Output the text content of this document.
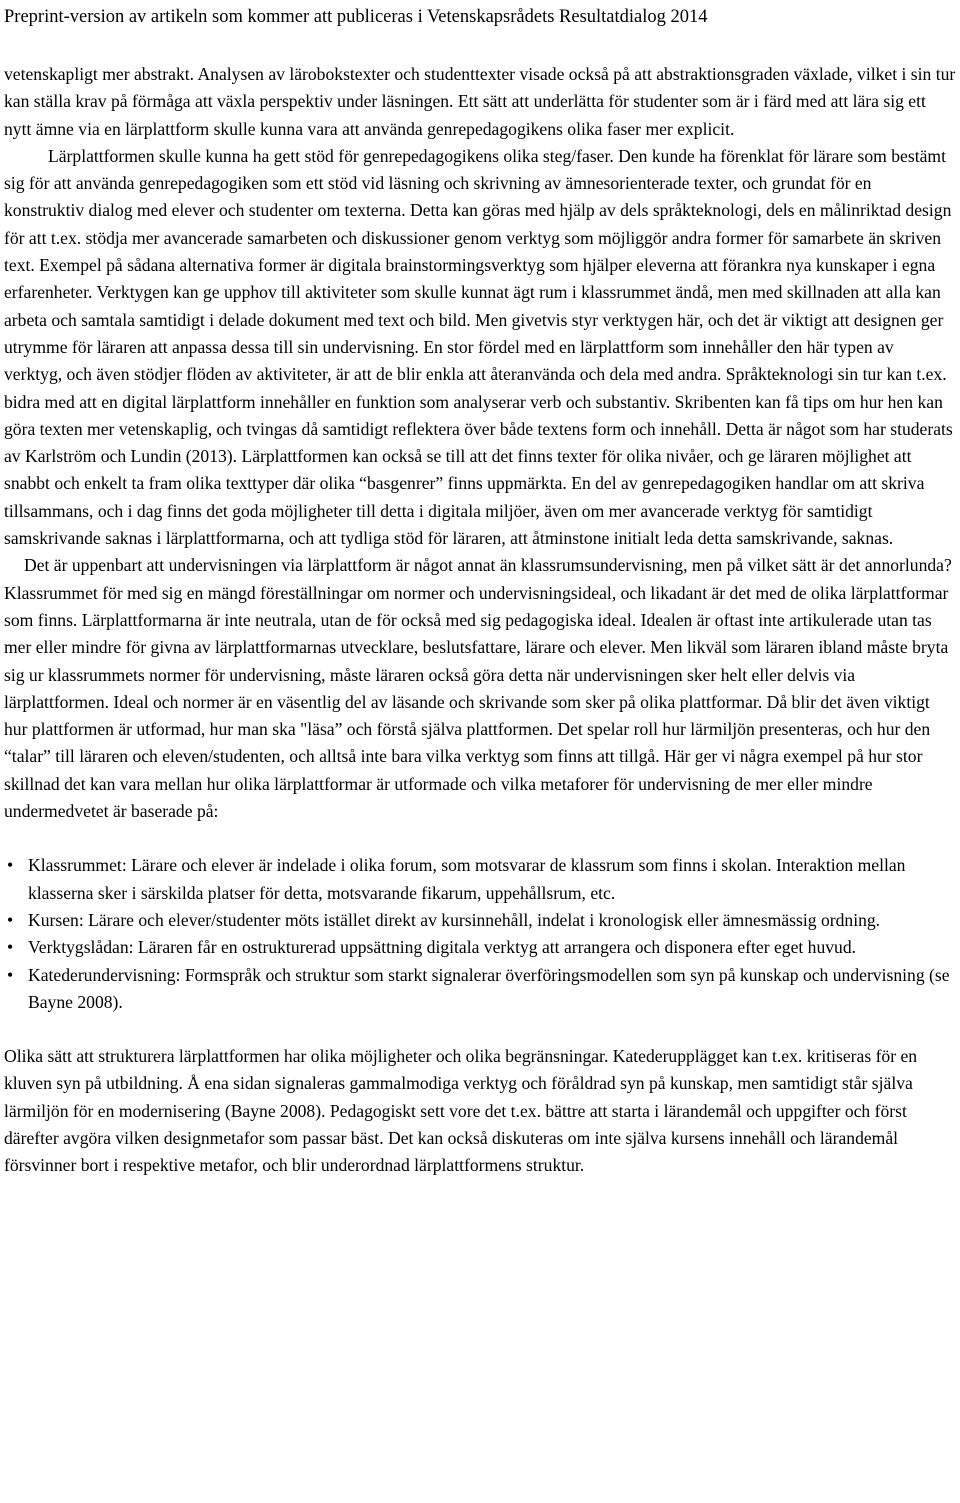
Preprint-version av artikeln som kommer att publiceras i Vetenskapsrådets Resultatdialog 2014

vetenskapligt mer abstrakt. Analysen av lärobokstexter och studenttexter visade också på att abstraktionsgraden växlade, vilket i sin tur kan ställa krav på förmåga att växla perspektiv under läsningen. Ett sätt att underlätta för studenter som är i färd med att lära sig ett nytt ämne via en lärplattform skulle kunna vara att använda genrepedagogikens olika faser mer explicit.

Lärplattformen skulle kunna ha gett stöd för genrepedagogikens olika steg/faser. Den kunde ha förenklat för lärare som bestämt sig för att använda genrepedagogiken som ett stöd vid läsning och skrivning av ämnesorienterade texter, och grundat för en konstruktiv dialog med elever och studenter om texterna. Detta kan göras med hjälp av dels språkteknologi, dels en målinriktad design för att t.ex. stödja mer avancerade samarbeten och diskussioner genom verktyg som möjliggör andra former för samarbete än skriven text. Exempel på sådana alternativa former är digitala brainstormingsverktyg som hjälper eleverna att förankra nya kunskaper i egna erfarenheter. Verktygen kan ge upphov till aktiviteter som skulle kunnat ägt rum i klassrummet ändå, men med skillnaden att alla kan arbeta och samtala samtidigt i delade dokument med text och bild. Men givetvis styr verktygen här, och det är viktigt att designen ger utrymme för läraren att anpassa dessa till sin undervisning. En stor fördel med en lärplattform som innehåller den här typen av verktyg, och även stödjer flöden av aktiviteter, är att de blir enkla att återanvända och dela med andra. Språkteknologi sin tur kan t.ex. bidra med att en digital lärplattform innehåller en funktion som analyserar verb och substantiv. Skribenten kan få tips om hur hen kan göra texten mer vetenskaplig, och tvingas då samtidigt reflektera över både textens form och innehåll. Detta är något som har studerats av Karlström och Lundin (2013). Lärplattformen kan också se till att det finns texter för olika nivåer, och ge läraren möjlighet att snabbt och enkelt ta fram olika texttyper där olika “basgenrer” finns uppmärkta. En del av genrepedagogiken handlar om att skriva tillsammans, och i dag finns det goda möjligheter till detta i digitala miljöer, även om mer avancerade verktyg för samtidigt samskrivande saknas i lärplattformarna, och att tydliga stöd för läraren, att åtminstone initialt leda detta samskrivande, saknas.

Det är uppenbart att undervisningen via lärplattform är något annat än klassrumsundervisning, men på vilket sätt är det annorlunda? Klassrummet för med sig en mängd föreställningar om normer och undervisningsideal, och likadant är det med de olika lärplattformar som finns. Lärplattformarna är inte neutrala, utan de för också med sig pedagogiska ideal. Idealen är oftast inte artikulerade utan tas mer eller mindre för givna av lärplattformarnas utvecklare, beslutsfattare, lärare och elever. Men likväl som läraren ibland måste bryta sig ur klassrummets normer för undervisning, måste läraren också göra detta när undervisningen sker helt eller delvis via lärplattformen. Ideal och normer är en väsentlig del av läsande och skrivande som sker på olika plattformar. Då blir det även viktigt hur plattformen är utformad, hur man ska "läsa” och förstå själva plattformen. Det spelar roll hur lärmiljön presenteras, och hur den “talar” till läraren och eleven/studenten, och alltså inte bara vilka verktyg som finns att tillgå. Här ger vi några exempel på hur stor skillnad det kan vara mellan hur olika lärplattformar är utformade och vilka metaforer för undervisning de mer eller mindre undermedvetet är baserade på:

• Klassrummet: Lärare och elever är indelade i olika forum, som motsvarar de klassrum som finns i skolan. Interaktion mellan klasserna sker i särskilda platser för detta, motsvarande fikarum, uppehållsrum, etc.
• Kursen: Lärare och elever/studenter möts istället direkt av kursinnehåll, indelat i kronologisk eller ämnesmässig ordning.
• Verktygslådan: Läraren får en ostrukturerad uppsättning digitala verktyg att arrangera och disponera efter eget huvud.
• Katederundervisning: Formspråk och struktur som starkt signalerar överföringsmodellen som syn på kunskap och undervisning (se Bayne 2008).

Olika sätt att strukturera lärplattformen har olika möjligheter och olika begränsningar. Katederupplägget kan t.ex. kritiseras för en kluven syn på utbildning. Å ena sidan signaleras gammalmodiga verktyg och föråldrad syn på kunskap, men samtidigt står själva lärmiljön för en modernisering (Bayne 2008). Pedagogiskt sett vore det t.ex. bättre att starta i lärandemål och uppgifter och först därefter avgöra vilken designmetafor som passar bäst. Det kan också diskuteras om inte själva kursens innehåll och lärandemål försvinner bort i respektive metafor, och blir underordnad lärplattformens struktur.
